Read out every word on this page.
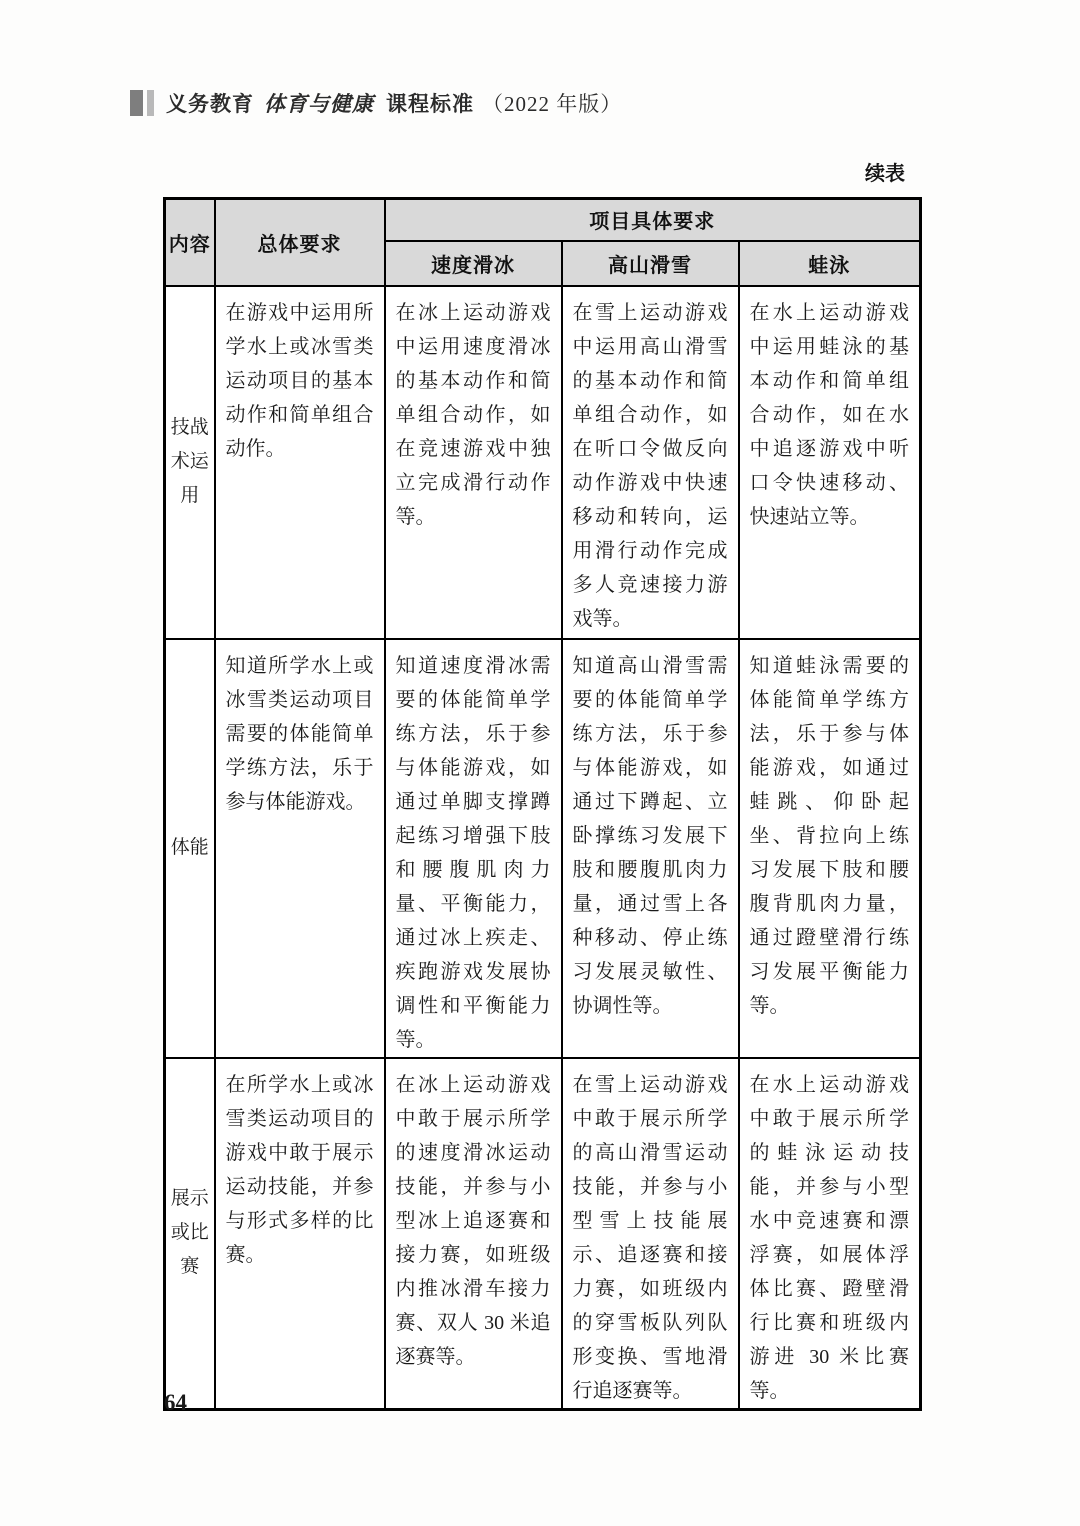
义务教育 体育与健康 课程标准 （2022 年版）
续表
内容	总体要求	项目具体要求		
		速度滑冰	高山滑雪	蛙泳
技战术运用	在游戏中运用所学水上或冰雪类运动项目的基本动作和简单组合动作。	在冰上运动游戏中运用速度滑冰的基本动作和简单组合动作，如在竞速游戏中独立完成滑行动作等。	在雪上运动游戏中运用高山滑雪的基本动作和简单组合动作，如在听口令做反向动作游戏中快速移动和转向，运用滑行动作完成多人竞速接力游戏等。	在水上运动游戏中运用蛙泳的基本动作和简单组合动作，如在水中追逐游戏中听口令快速移动、快速站立等。
体能	知道所学水上或冰雪类运动项目需要的体能简单学练方法，乐于参与体能游戏。	知道速度滑冰需要的体能简单学练方法，乐于参与体能游戏，如通过单脚支撑蹲起练习增强下肢和腰腹肌肉力量、平衡能力，通过冰上疾走、疾跑游戏发展协调性和平衡能力等。	知道高山滑雪需要的体能简单学练方法，乐于参与体能游戏，如通过下蹲起、立卧撑练习发展下肢和腰腹肌肉力量，通过雪上各种移动、停止练习发展灵敏性、协调性等。	知道蛙泳需要的体能简单学练方法，乐于参与体能游戏，如通过蛙跳、仰卧起坐、背拉向上练习发展下肢和腰腹背肌肉力量，通过蹬壁滑行练习发展平衡能力等。
展示或比赛	在所学水上或冰雪类运动项目的游戏中敢于展示运动技能，并参与形式多样的比赛。	在冰上运动游戏中敢于展示所学的速度滑冰运动技能，并参与小型冰上追逐赛和接力赛，如班级内推冰滑车接力赛、双人 30 米追逐赛等。	在雪上运动游戏中敢于展示所学的高山滑雪运动技能，并参与小型雪上技能展示、追逐赛和接力赛，如班级内的穿雪板队列队形变换、雪地滑行追逐赛等。	在水上运动游戏中敢于展示所学的蛙泳运动技能，并参与小型水中竞速赛和漂浮赛，如展体浮体比赛、蹬壁滑行比赛和班级内游进 30 米比赛等。
64
